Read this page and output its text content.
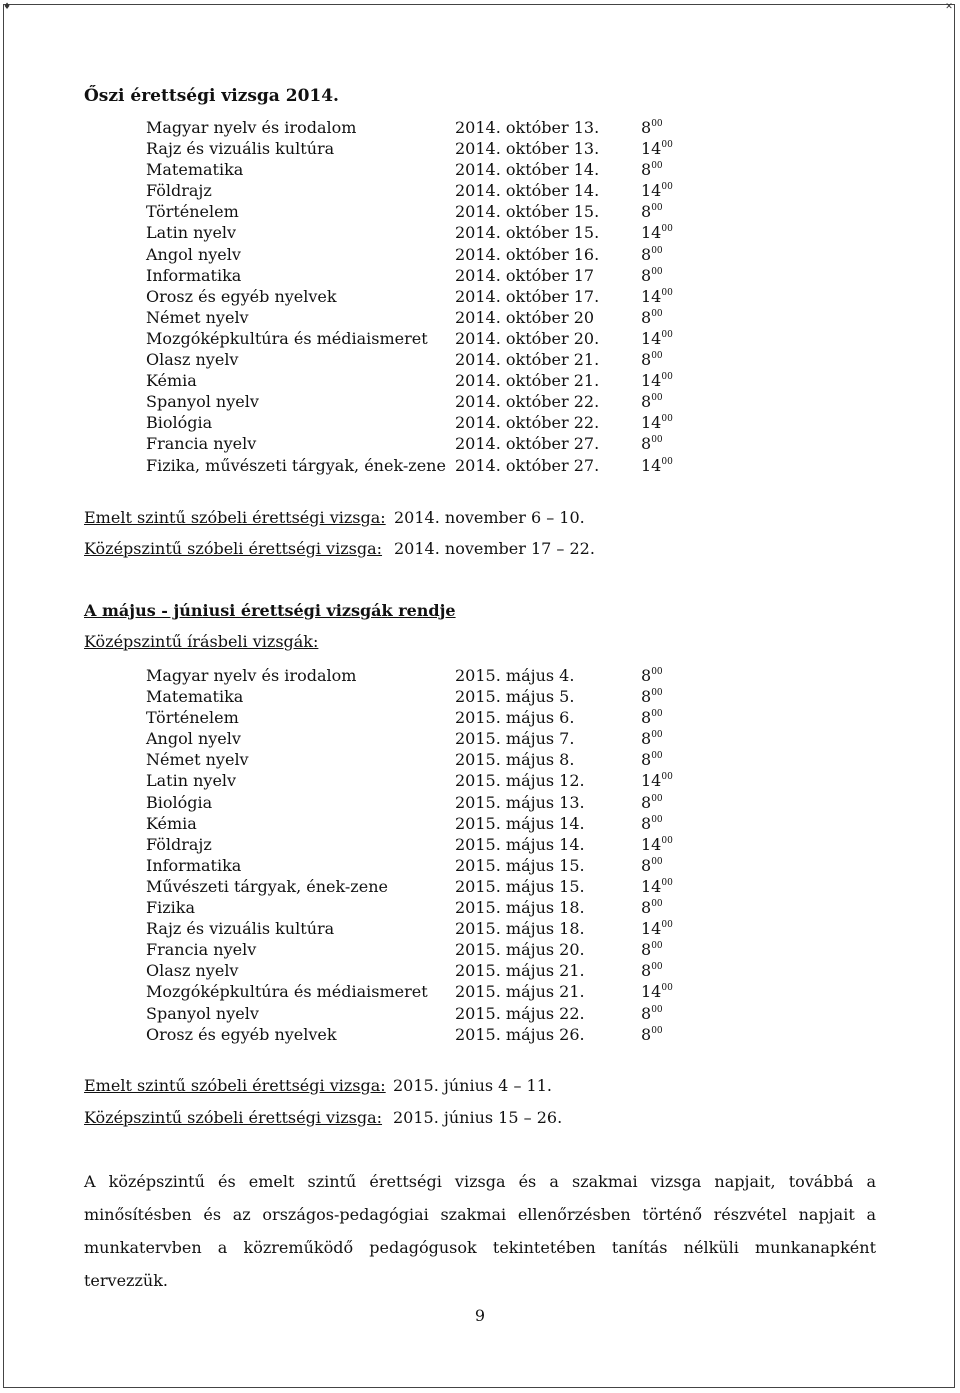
♦	✕
Őszi érettségi vizsga 2014.
Magyar nyelv és irodalom	2014. október 13.	$8^{00}$
Rajz és vizuális kultúra	2014. október 13.	$14^{00}$
Matematika	2014. október 14.	$8^{00}$
Földrajz	2014. október 14.	$14^{00}$
Történelem	2014. október 15.	$8^{00}$
Latin nyelv	2014. október 15.	$14^{00}$
Angol nyelv	2014. október 16.	$8^{00}$
Informatika	2014. október 17	$8^{00}$
Orosz és egyéb nyelvek	2014. október 17.	$14^{00}$
Német nyelv	2014. október 20	$8^{00}$
Mozgóképkultúra és médiaismeret 2014. október 20.	$14^{00}$
Olasz nyelv	2014. október 21.	$8^{00}$
Kémia	2014. október 21.	$14^{00}$
Spanyol nyelv	2014. október 22.	$8^{00}$
Biológia	2014. október 22.	$14^{00}$
Francia nyelv	2014. október 27.	$8^{00}$
Fizika, művészeti tárgyak, ének-zene 2014. október 27.	$14^{00}$
Emelt szintű szóbeli érettségi vizsga: 2014. november 6 – 10.
Középszintű szóbeli érettségi vizsga: 2014. november 17 – 22.
A május - júniusi érettségi vizsgák rendje
Középszintű írásbeli vizsgák:
Magyar nyelv és irodalom	2015. május 4.	$8^{00}$
Matematika	2015. május 5.	$8^{00}$
Történelem	2015. május 6.	$8^{00}$
Angol nyelv	2015. május 7.	$8^{00}$
Német nyelv	2015. május 8.	$8^{00}$
Latin nyelv	2015. május 12.	$14^{00}$
Biológia	2015. május 13.	$8^{00}$
Kémia	2015. május 14.	$8^{00}$
Földrajz	2015. május 14.	$14^{00}$
Informatika	2015. május 15.	$8^{00}$
Művészeti tárgyak, ének-zene	2015. május 15.	$14^{00}$
Fizika	2015. május 18.	$8^{00}$
Rajz és vizuális kultúra	2015. május 18.	$14^{00}$
Francia nyelv	2015. május 20.	$8^{00}$
Olasz nyelv	2015. május 21.	$8^{00}$
Mozgóképkultúra és médiaismeret 2015. május 21.	$14^{00}$
Spanyol nyelv	2015. május 22.	$8^{00}$
Orosz és egyéb nyelvek	2015. május 26.	$8^{00}$
Emelt szintű szóbeli érettségi vizsga: 2015. június 4 – 11.
Középszintű szóbeli érettségi vizsga: 2015. június 15 – 26.

A középszintű és emelt szintű érettségi vizsga és a szakmai vizsga napjait, továbbá a minősítésben és az országos-pedagógiai szakmai ellenőrzésben történő részvétel napjait a munkatervben a közreműködő pedagógusok tekintetében tanítás nélküli munkanapként tervezzük.

9
